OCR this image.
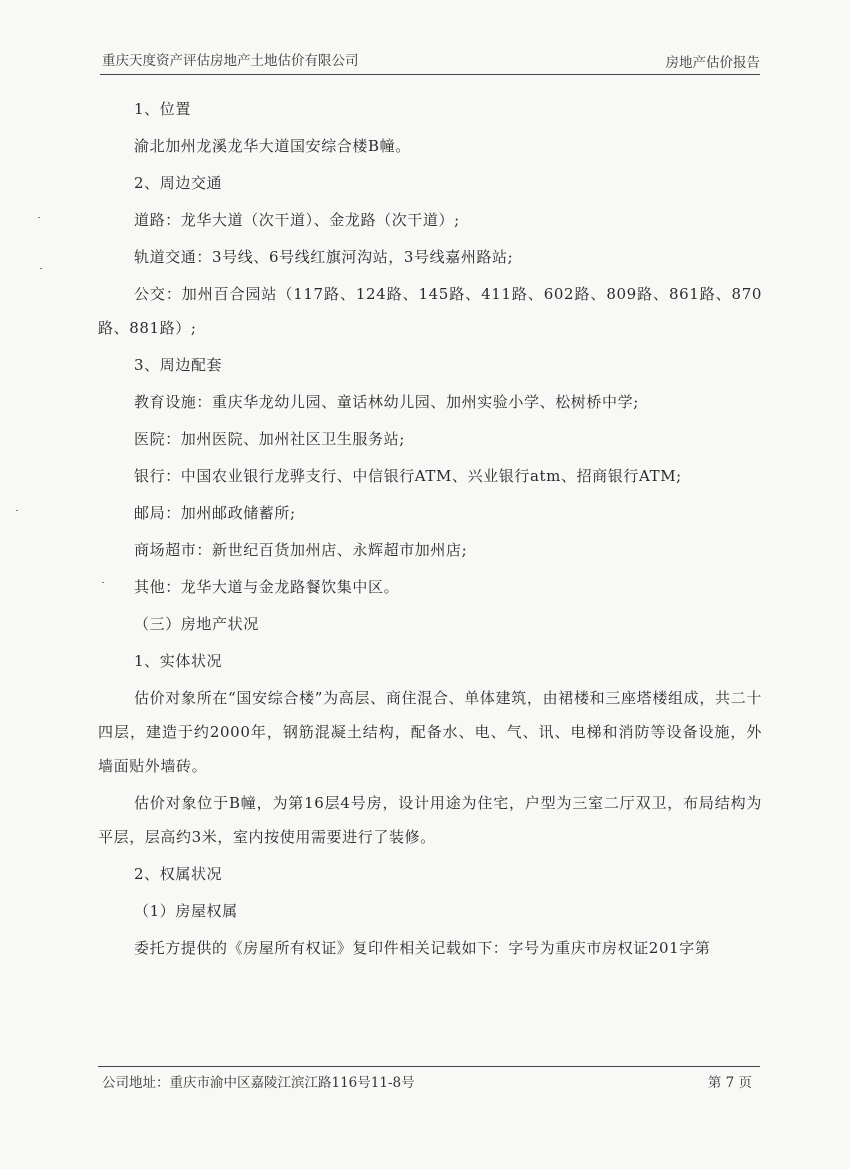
重庆天度资产评估房地产土地估价有限公司	房地产估价报告

1、位置

渝北加州龙溪龙华大道国安综合楼B幢。

2、周边交通

道路：龙华大道（次干道）、金龙路（次干道）;

轨道交通：3号线、6号线红旗河沟站，3号线嘉州路站;

公交：加州百合园站（117路、124路、145路、411路、602路、809路、861路、870路、881路）;

3、周边配套

教育设施：重庆华龙幼儿园、童话林幼儿园、加州实验小学、松树桥中学;

医院：加州医院、加州社区卫生服务站;

银行：中国农业银行龙骅支行、中信银行ATM、兴业银行atm、招商银行ATM;

邮局：加州邮政储蓄所;

商场超市：新世纪百货加州店、永辉超市加州店;

其他：龙华大道与金龙路餐饮集中区。

（三）房地产状况

1、实体状况

估价对象所在“国安综合楼”为高层、商住混合、单体建筑，由裙楼和三座塔楼组成，共二十四层，建造于约2000年，钢筋混凝土结构，配备水、电、气、讯、电梯和消防等设备设施，外墙面贴外墙砖。

估价对象位于B幢，为第16层4号房，设计用途为住宅，户型为三室二厅双卫，布局结构为平层，层高约3米，室内按使用需要进行了装修。

2、权属状况

（1）房屋权属

委托方提供的《房屋所有权证》复印件相关记载如下：字号为重庆市房权证201字第

公司地址：重庆市渝中区嘉陵江滨江路116号11-8号	第 7 页
